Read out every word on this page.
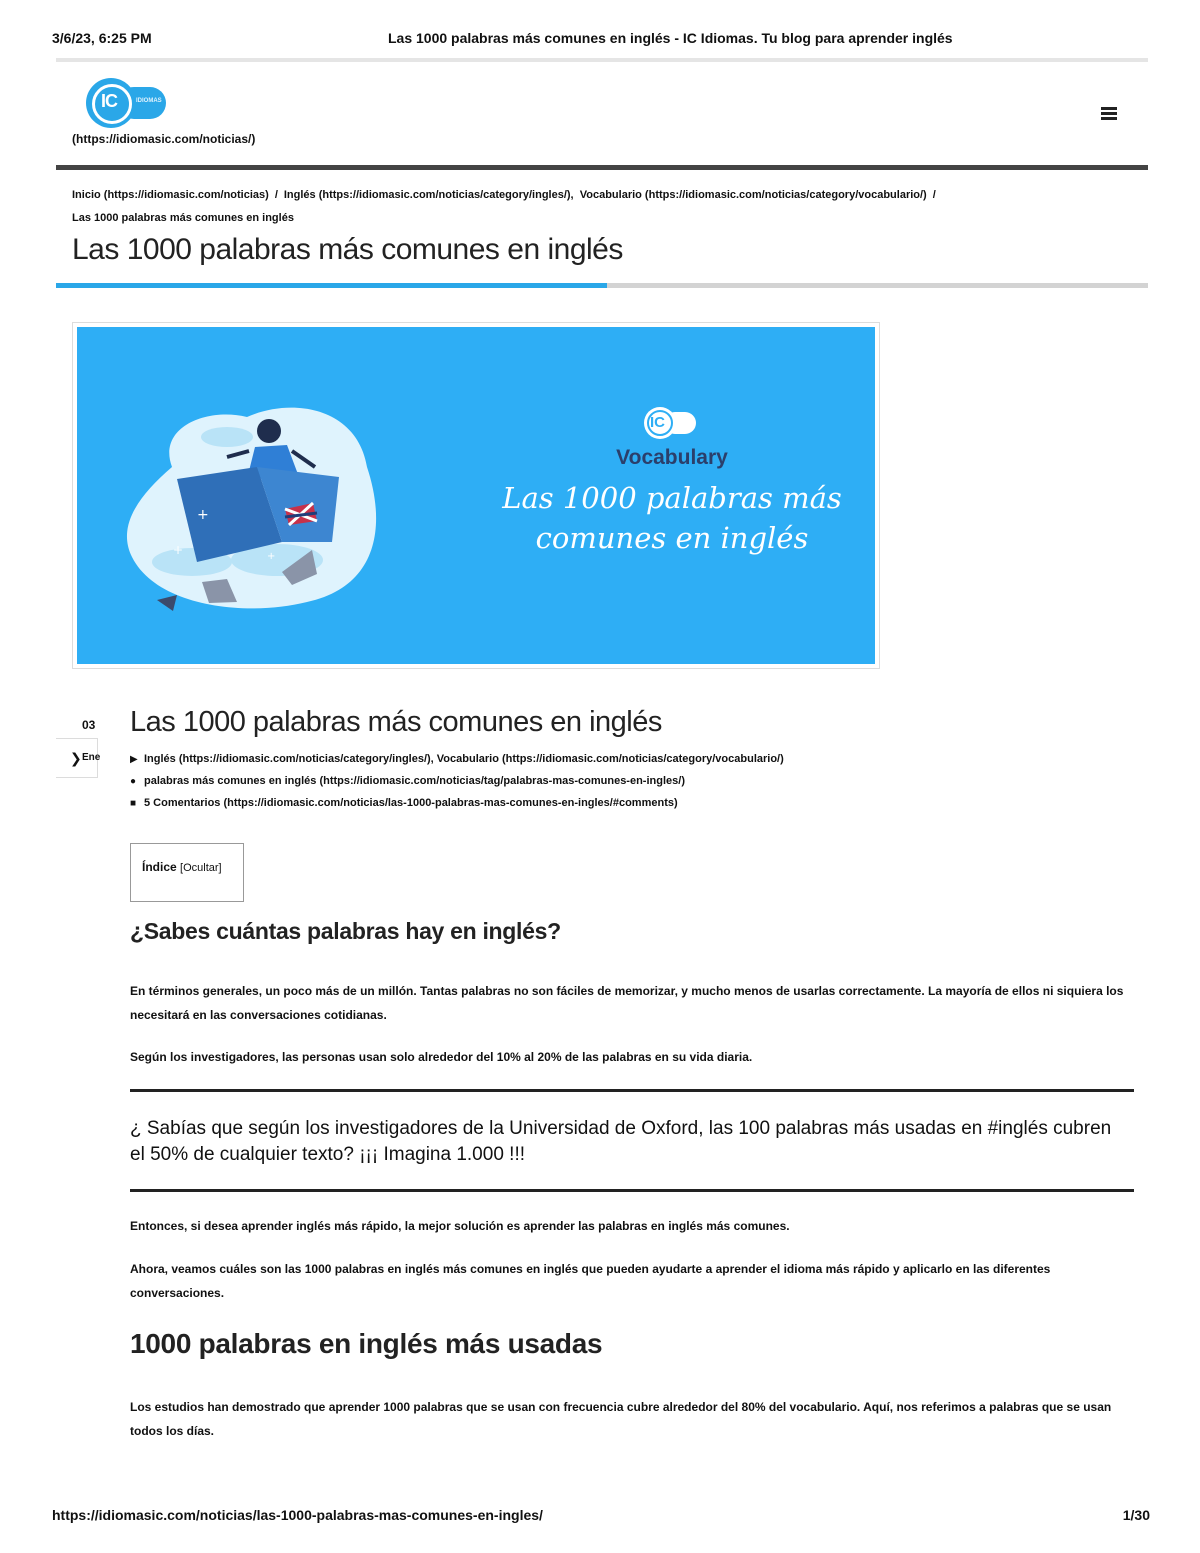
3/6/23, 6:25 PM	Las 1000 palabras más comunes en inglés - IC Idiomas. Tu blog para aprender inglés
IC	IDIOMAS
(https://idiomasic.com/noticias/)
Inicio (https://idiomasic.com/noticias) / Inglés (https://idiomasic.com/noticias/category/ingles/), Vocabulario (https://idiomasic.com/noticias/category/vocabulario/) /
Las 1000 palabras más comunes en inglés
Las 1000 palabras más comunes en inglés
+
+	+
IC
Vocabulary
Las 1000 palabras más
comunes en inglés
03
❯ Ene
Las 1000 palabras más comunes en inglés
▶ Inglés (https://idiomasic.com/noticias/category/ingles/), Vocabulario (https://idiomasic.com/noticias/category/vocabulario/)
● palabras más comunes en inglés (https://idiomasic.com/noticias/tag/palabras-mas-comunes-en-ingles/)
■ 5 Comentarios (https://idiomasic.com/noticias/las-1000-palabras-mas-comunes-en-ingles/#comments)
Índice [Ocultar]
¿Sabes cuántas palabras hay en inglés?

En términos generales, un poco más de un millón. Tantas palabras no son fáciles de memorizar, y mucho menos de usarlas correctamente. La mayoría de ellos ni siquiera los necesitará en las conversaciones cotidianas.

Según los investigadores, las personas usan solo alrededor del 10% al 20% de las palabras en su vida diaria.

¿ Sabías que según los investigadores de la Universidad de Oxford, las 100 palabras más usadas en #inglés cubren el 50% de cualquier texto? ¡¡¡ Imagina 1.000 !!!

Entonces, si desea aprender inglés más rápido, la mejor solución es aprender las palabras en inglés más comunes.

Ahora, veamos cuáles son las 1000 palabras en inglés más comunes en inglés que pueden ayudarte a aprender el idioma más rápido y aplicarlo en las diferentes conversaciones.

1000 palabras en inglés más usadas

Los estudios han demostrado que aprender 1000 palabras que se usan con frecuencia cubre alrededor del 80% del vocabulario. Aquí, nos referimos a palabras que se usan todos los días.

https://idiomasic.com/noticias/las-1000-palabras-mas-comunes-en-ingles/	1/30
